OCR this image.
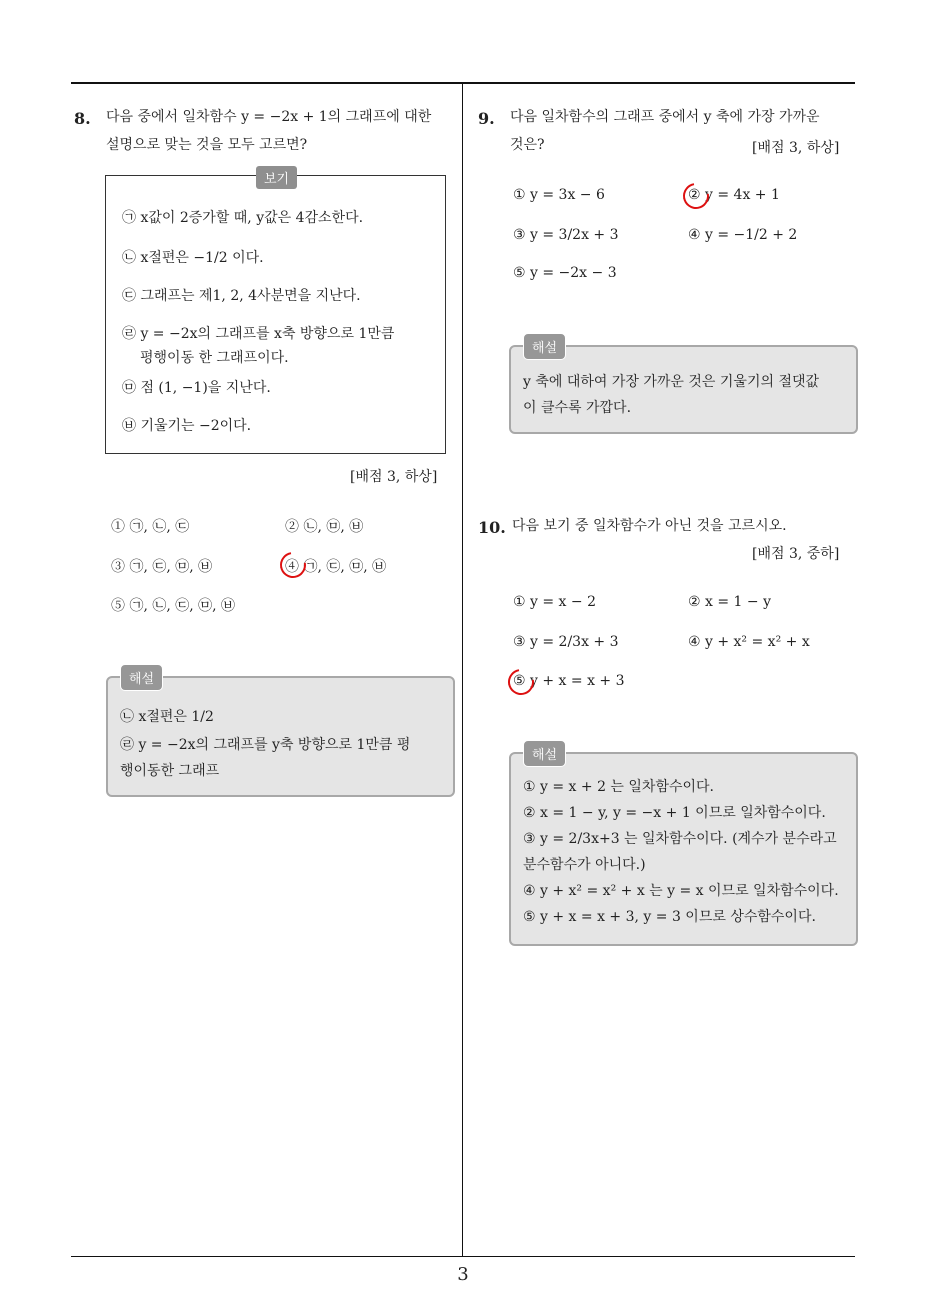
3
8. 다음 중에서 일차함수 y = −2x + 1의 그래프에 대한
설명으로 맞는 것을 모두 고르면?
보기
㉠ x값이 2증가할 때, y값은 4감소한다.
㉡ x절편은 −1/2 이다.
㉢ 그래프는 제1, 2, 4사분면을 지난다.
㉣ y = −2x의 그래프를 x축 방향으로 1만큼
평행이동 한 그래프이다.
㉤ 점 (1, −1)을 지난다.
㉥ 기울기는 −2이다.
[배점 3, 하상]
① ㉠, ㉡, ㉢	② ㉡, ㉤, ㉥
③ ㉠, ㉢, ㉤, ㉥	④ ㉠, ㉢, ㉤, ㉥
⑤ ㉠, ㉡, ㉢, ㉤, ㉥
해설
㉡ x절편은 1/2
㉣ y = −2x의 그래프를 y축 방향으로 1만큼 평
행이동한 그래프
9. 다음 일차함수의 그래프 중에서 y 축에 가장 가까운
것은?	[배점 3, 하상]
① y = 3x − 6	② y = 4x + 1
③ y = 3/2x + 3	④ y = −1/2 + 2
⑤ y = −2x − 3
해설
y 축에 대하여 가장 가까운 것은 기울기의 절댓값
이 클수록 가깝다.
10. 다음 보기 중 일차함수가 아닌 것을 고르시오.
[배점 3, 중하]
① y = x − 2	② x = 1 − y
③ y = 2/3x + 3	④ y + x² = x² + x
⑤ y + x = x + 3
해설
① y = x + 2 는 일차함수이다.
② x = 1 − y, y = −x + 1 이므로 일차함수이다.
③ y = 2/3x+3 는 일차함수이다. (계수가 분수라고
분수함수가 아니다.)
④ y + x² = x² + x 는 y = x 이므로 일차함수이다.
⑤ y + x = x + 3, y = 3 이므로 상수함수이다.
